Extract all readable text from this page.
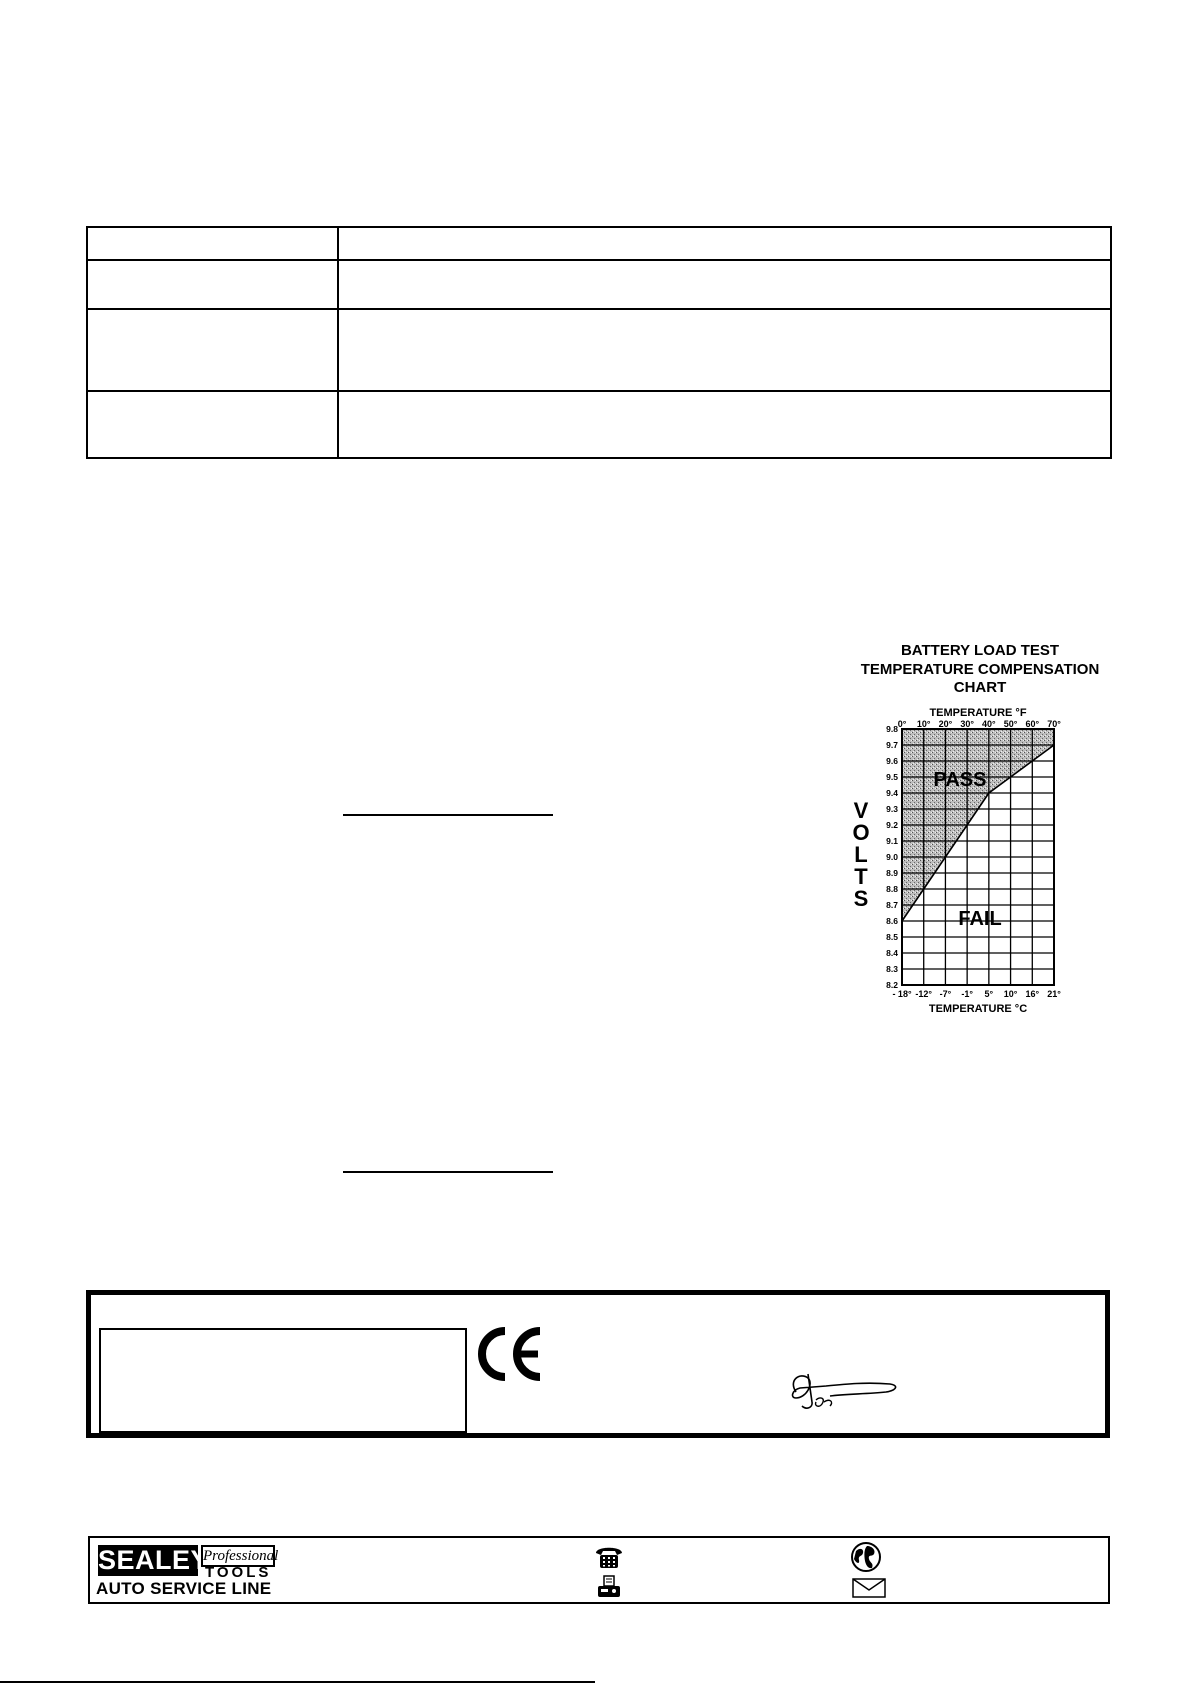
BATTERY LOAD TEST
TEMPERATURE COMPENSATION
CHART
TEMPERATURE °F
0° 10° 20° 30° 40° 50° 60° 70°
- 18° -12° -7° -1° 5° 10° 16° 21°
TEMPERATURE °C
9.8
9.7
9.6
9.5
9.4
9.3
9.2
9.1
9.0
8.9
8.8
8.7
8.6
8.5
8.4
8.3
8.2
V
O
L
T
S
PASS
FAIL
SEALEY
Professional
TOOLS
AUTO SERVICE LINE
